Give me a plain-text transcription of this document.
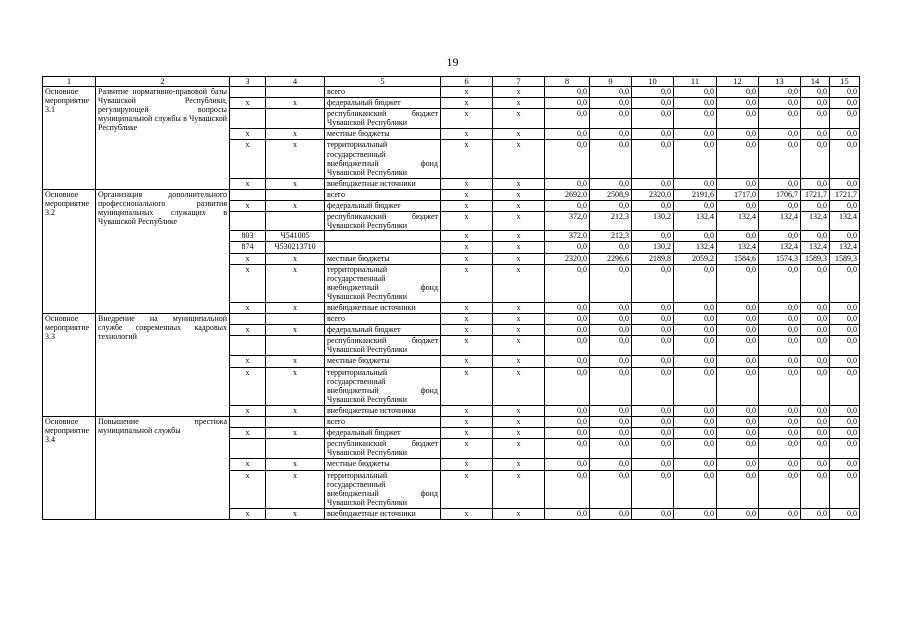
19
1	2	3	4	5	6	7	8	9	10	11	12	13	14	15
Основное мероприятие 3.1	Развитие нормативно-правовой базы Чувашской Республики, регулирующей вопросы муниципальной службы в Чувашской Республике			всего	x	x	0,0	0,0	0,0	0,0	0,0	0,0	0,0	0,0
		x	x	федеральный бюджет	x	x	0,0	0,0	0,0	0,0	0,0	0,0	0,0	0,0
				республиканский бюджет Чувашской Республики	x	x	0,0	0,0	0,0	0,0	0,0	0,0	0,0	0,0
		x	x	местные бюджеты	x	x	0,0	0,0	0,0	0,0	0,0	0,0	0,0	0,0
		x	x	территориальный государственный внебюджетный фонд Чувашской Республики	x	x	0,0	0,0	0,0	0,0	0,0	0,0	0,0	0,0
		x	x	внебюджетные источники	x	x	0,0	0,0	0,0	0,0	0,0	0,0	0,0	0,0
Основное мероприятие 3.2	Организация дополнительного профессионального развития муниципальных служащих в Чувашской Республике			всего	x	x	2692,0	2508,9	2320,0	2191,6	1717,0	1706,7	1721,7	1721,7
		x	x	федеральный бюджет	x	x	0,0	0,0	0,0	0,0	0,0	0,0	0,0	0,0
				республиканский бюджет Чувашской Республики	x	x	372,0	212,3	130,2	132,4	132,4	132,4	132,4	132,4
		803	Ч541005		x	x	372,0	212,3	0,0	0,0	0,0	0,0	0,0	0,0
		874	Ч530213710		x	x	0,0	0,0	130,2	132,4	132,4	132,4	132,4	132,4
		x	x	местные бюджеты	x	x	2320,0	2296,6	2189,8	2059,2	1584,6	1574,3	1589,3	1589,3
		x	x	территориальный государственный внебюджетный фонд Чувашской Республики	x	x	0,0	0,0	0,0	0,0	0,0	0,0	0,0	0,0
		x	x	внебюджетные источники	x	x	0,0	0,0	0,0	0,0	0,0	0,0	0,0	0,0
Основное мероприятие 3.3	Внедрение на муниципальной службе современных кадровых технологий			всего	x	x	0,0	0,0	0,0	0,0	0,0	0,0	0,0	0,0
		x	x	федеральный бюджет	x	x	0,0	0,0	0,0	0,0	0,0	0,0	0,0	0,0
				республиканский бюджет Чувашской Республики	x	x	0,0	0,0	0,0	0,0	0,0	0,0	0,0	0,0
		x	x	местные бюджеты	x	x	0,0	0,0	0,0	0,0	0,0	0,0	0,0	0,0
		x	x	территориальный государственный внебюджетный фонд Чувашской Республики	x	x	0,0	0,0	0,0	0,0	0,0	0,0	0,0	0,0
		x	x	внебюджетные источники	x	x	0,0	0,0	0,0	0,0	0,0	0,0	0,0	0,0
Основное мероприятие 3.4	Повышение престижа муниципальной службы			всего	x	x	0,0	0,0	0,0	0,0	0,0	0,0	0,0	0,0
		x	x	федеральный бюджет	x	x	0,0	0,0	0,0	0,0	0,0	0,0	0,0	0,0
				республиканский бюджет Чувашской Республики	x	x	0,0	0,0	0,0	0,0	0,0	0,0	0,0	0,0
		x	x	местные бюджеты	x	x	0,0	0,0	0,0	0,0	0,0	0,0	0,0	0,0
		x	x	территориальный государственный внебюджетный фонд Чувашской Республики	x	x	0,0	0,0	0,0	0,0	0,0	0,0	0,0	0,0
		x	x	внебюджетные источники	x	x	0,0	0,0	0,0	0,0	0,0	0,0	0,0	0,0
